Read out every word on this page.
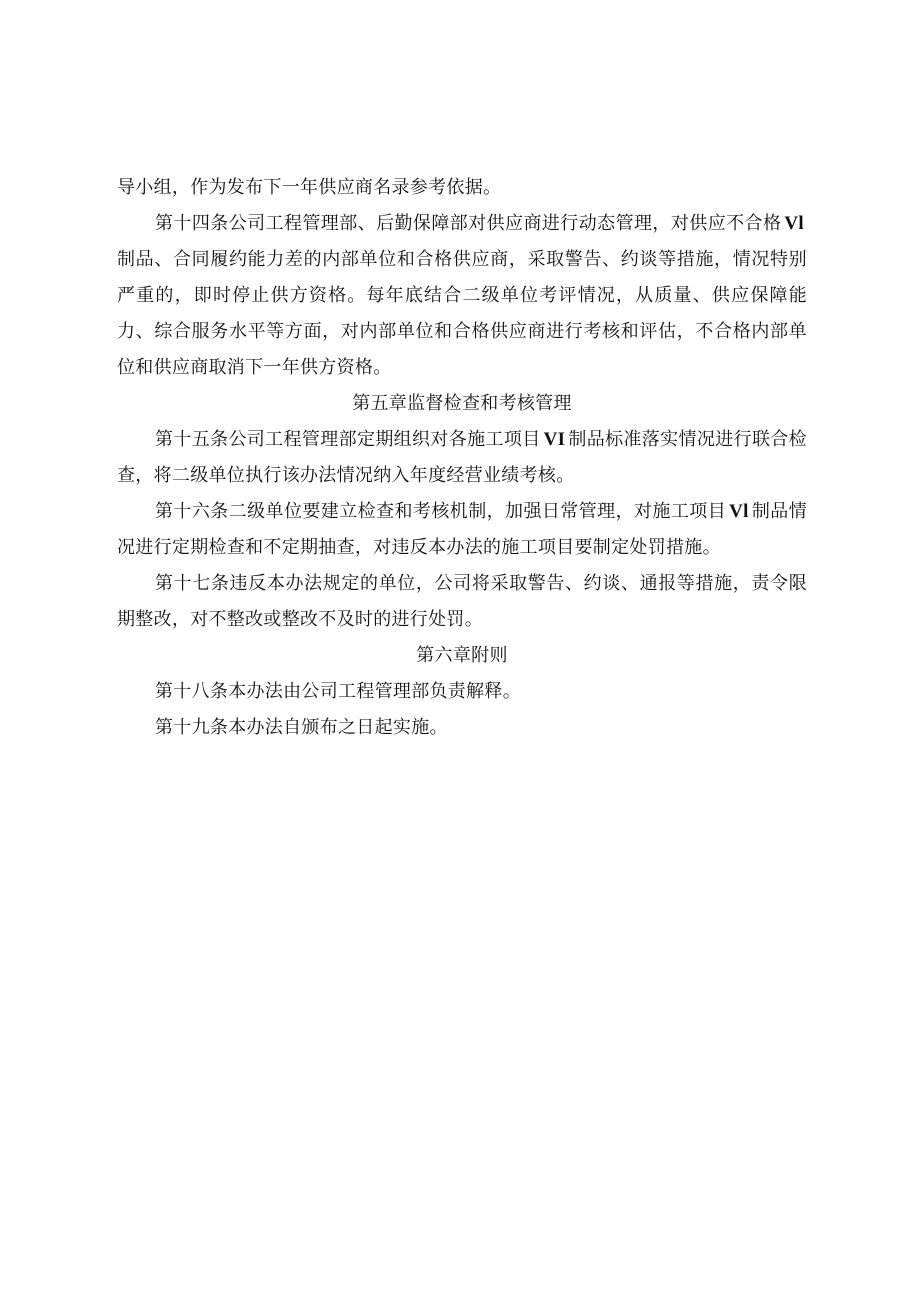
导小组，作为发布下一年供应商名录参考依据。

第十四条公司工程管理部、后勤保障部对供应商进行动态管理，对供应不合格 Vl制品、合同履约能力差的内部单位和合格供应商，采取警告、约谈等措施，情况特别严重的，即时停止供方资格。每年底结合二级单位考评情况，从质量、供应保障能力、综合服务水平等方面，对内部单位和合格供应商进行考核和评估，不合格内部单位和供应商取消下一年供方资格。

第五章监督检查和考核管理

第十五条公司工程管理部定期组织对各施工项目 VI 制品标准落实情况进行联合检查，将二级单位执行该办法情况纳入年度经营业绩考核。

第十六条二级单位要建立检查和考核机制，加强日常管理，对施工项目 Vl 制品情况进行定期检查和不定期抽查，对违反本办法的施工项目要制定处罚措施。

第十七条违反本办法规定的单位，公司将采取警告、约谈、通报等措施，责令限期整改，对不整改或整改不及时的进行处罚。

第六章附则

第十八条本办法由公司工程管理部负责解释。

第十九条本办法自颁布之日起实施。
